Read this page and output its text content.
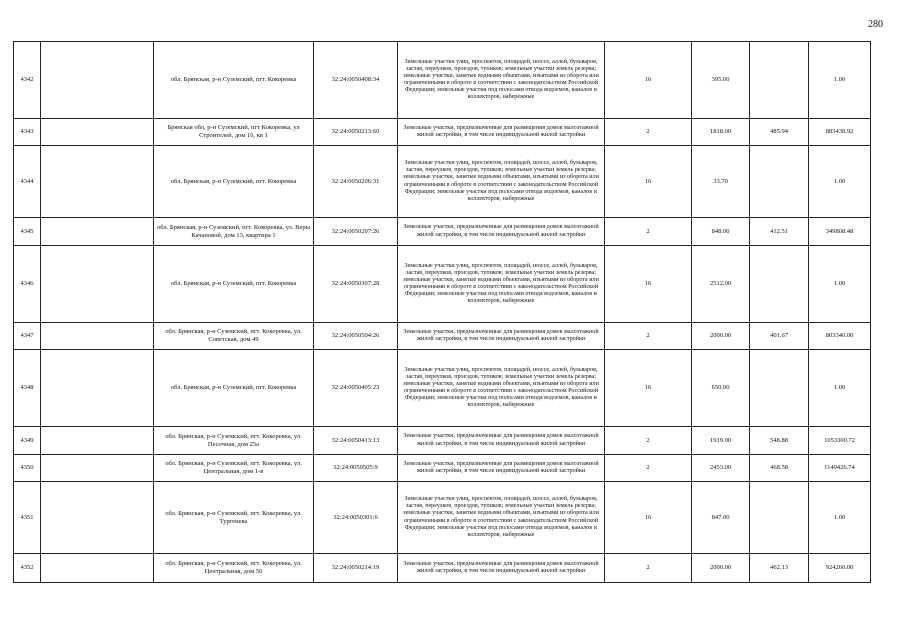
280
4342		обл. Брянская, р-н Суземский, пгт. Кокоревка	32:24:0050408:34	Земельные участки улиц, проспектов, площадей, шоссе, аллей, бульваров, застав, переулков, проездов, тупиков; земельные участки земель резерва; земельные участки, занятые водными объектами, изъятыми из оборота или ограниченными в обороте в соответствии с законодательством Российской Федерации; земельные участки под полосами отвода водоемов, каналов и коллекторов, набережные	16	395.00		1.00
4343		Брянская обл, р-н Суземский, пгт Кокоревка, ул Строителей, дом 16, кв 1	32:24:0050213:60	Земельные участки, предназначенные для размещения домов малоэтажной жилой застройки, в том числе индивидуальной жилой застройки	2	1818.00	485.94	883438.92
4344		обл. Брянская, р-н Суземский, пгт. Кокоревка	32:24:0050206:31	Земельные участки улиц, проспектов, площадей, шоссе, аллей, бульваров, застав, переулков, проездов, тупиков; земельные участки земель резерва; земельные участки, занятые водными объектами, изъятыми из оборота или ограниченными в обороте в соответствии с законодательством Российской Федерации; земельные участки под полосами отвода водоемов, каналов и коллекторов, набережные	16	33.70		1.00
4345		обл. Брянская, р-н Суземский, пгт. Кокоревка, ул. Веры Качановой, дом 13, квартира 1	32:24:0050207:26	Земельные участки, предназначенные для размещения домов малоэтажной жилой застройки, в том числе индивидуальной жилой застройки	2	848.00	412.51	349808.48
4346		обл. Брянская, р-н Суземский, пгт. Кокоревка	32:24:0050307:28	Земельные участки улиц, проспектов, площадей, шоссе, аллей, бульваров, застав, переулков, проездов, тупиков; земельные участки земель резерва; земельные участки, занятые водными объектами, изъятыми из оборота или ограниченными в обороте в соответствии с законодательством Российской Федерации; земельные участки под полосами отвода водоемов, каналов и коллекторов, набережные	16	2512.00		1.00
4347		обл. Брянская, р-н Суземский, пгт. Кокоревка, ул. Советская, дом 49	32:24:0050504:26	Земельные участки, предназначенные для размещения домов малоэтажной жилой застройки, в том числе индивидуальной жилой застройки	2	2000.00	401.67	803340.00
4348		обл. Брянская, р-н Суземский, пгт. Кокоревка	32:24:0050405:23	Земельные участки улиц, проспектов, площадей, шоссе, аллей, бульваров, застав, переулков, проездов, тупиков; земельные участки земель резерва; земельные участки, занятые водными объектами, изъятыми из оборота или ограниченными в обороте в соответствии с законодательством Российской Федерации; земельные участки под полосами отвода водоемов, каналов и коллекторов, набережные	16	650.00		1.00
4349		обл. Брянская, р-н Суземский, пгт. Кокоревка, ул. Песочная, дом 25а	32:24:0050413:13	Земельные участки, предназначенные для размещения домов малоэтажной жилой застройки, в том числе индивидуальной жилой застройки	2	1919.00	548.88	1053300.72
4350		обл. Брянская, р-н Суземский, пгт. Кокоревка, ул. Центральная, дом 1-в	32:24:0050505:9	Земельные участки, предназначенные для размещения домов малоэтажной жилой застройки, в том числе индивидуальной жилой застройки	2	2453.00	468.58	1149426.74
4351		обл. Брянская, р-н Суземский, пгт. Кокоревка, ул. Тургенева	32:24:0050301:6	Земельные участки улиц, проспектов, площадей, шоссе, аллей, бульваров, застав, переулков, проездов, тупиков; земельные участки земель резерва; земельные участки, занятые водными объектами, изъятыми из оборота или ограниченными в обороте в соответствии с законодательством Российской Федерации; земельные участки под полосами отвода водоемов, каналов и коллекторов, набережные	16	847.00		1.00
4352		обл. Брянская, р-н Суземский, пгт. Кокоревка, ул. Центральная, дом 56	32:24:0050214:19	Земельные участки, предназначенные для размещения домов малоэтажной жилой застройки, в том числе индивидуальной жилой застройки	2	2000.00	462.13	924260.00
